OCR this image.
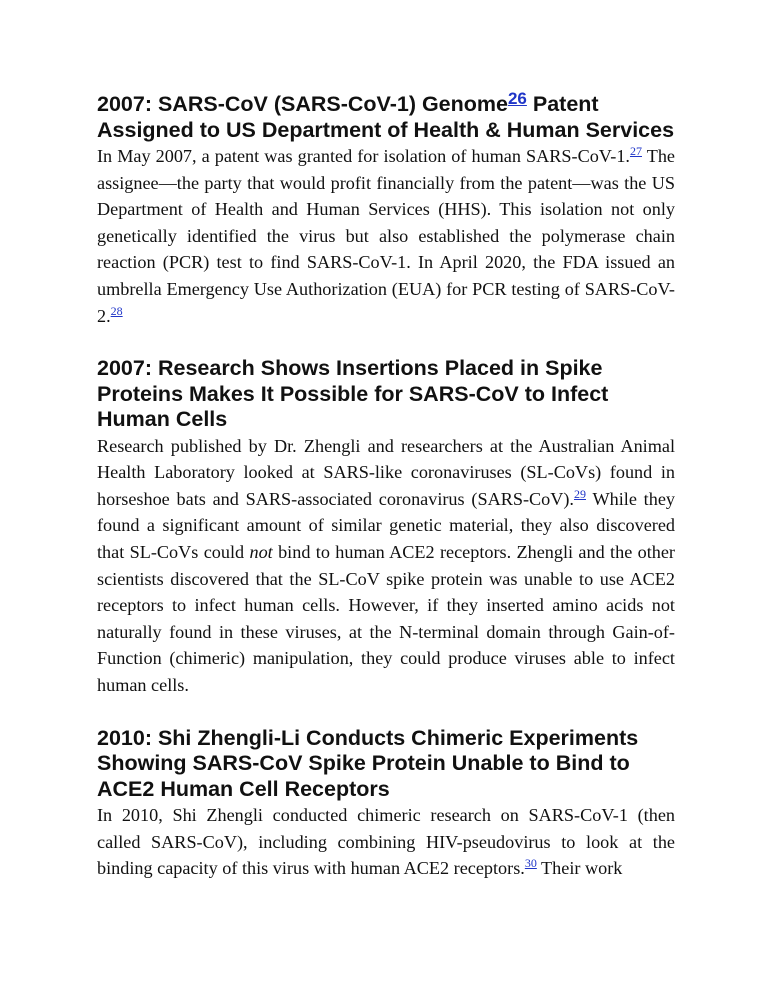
2007: SARS-CoV (SARS-CoV-1) Genome$^{26}$ Patent Assigned to US Department of Health & Human Services

In May 2007, a patent was granted for isolation of human SARS-CoV-1.27 The assignee—the party that would profit financially from the patent—was the US Department of Health and Human Services (HHS). This isolation not only genetically identified the virus but also established the polymerase chain reaction (PCR) test to find SARS-CoV-1. In April 2020, the FDA issued an umbrella Emergency Use Authorization (EUA) for PCR testing of SARS-CoV-2.28

2007: Research Shows Insertions Placed in Spike Proteins Makes It Possible for SARS-CoV to Infect Human Cells

Research published by Dr. Zhengli and researchers at the Australian Animal Health Laboratory looked at SARS-like coronaviruses (SL-CoVs) found in horseshoe bats and SARS-associated coronavirus (SARS-CoV).$^{29}$ While they found a significant amount of similar genetic material, they also discovered that SL-CoVs could not bind to human ACE2 receptors. Zhengli and the other scientists discovered that the SL-CoV spike protein was unable to use ACE2 receptors to infect human cells. However, if they inserted amino acids not naturally found in these viruses, at the N-terminal domain through Gain-of-Function (chimeric) manipulation, they could produce viruses able to infect human cells.

2010: Shi Zhengli-Li Conducts Chimeric Experiments Showing SARS-CoV Spike Protein Unable to Bind to ACE2 Human Cell Receptors

In 2010, Shi Zhengli conducted chimeric research on SARS-CoV-1 (then called SARS-CoV), including combining HIV-pseudovirus to look at the binding capacity of this virus with human ACE2 receptors.$^{30}$ Their work
